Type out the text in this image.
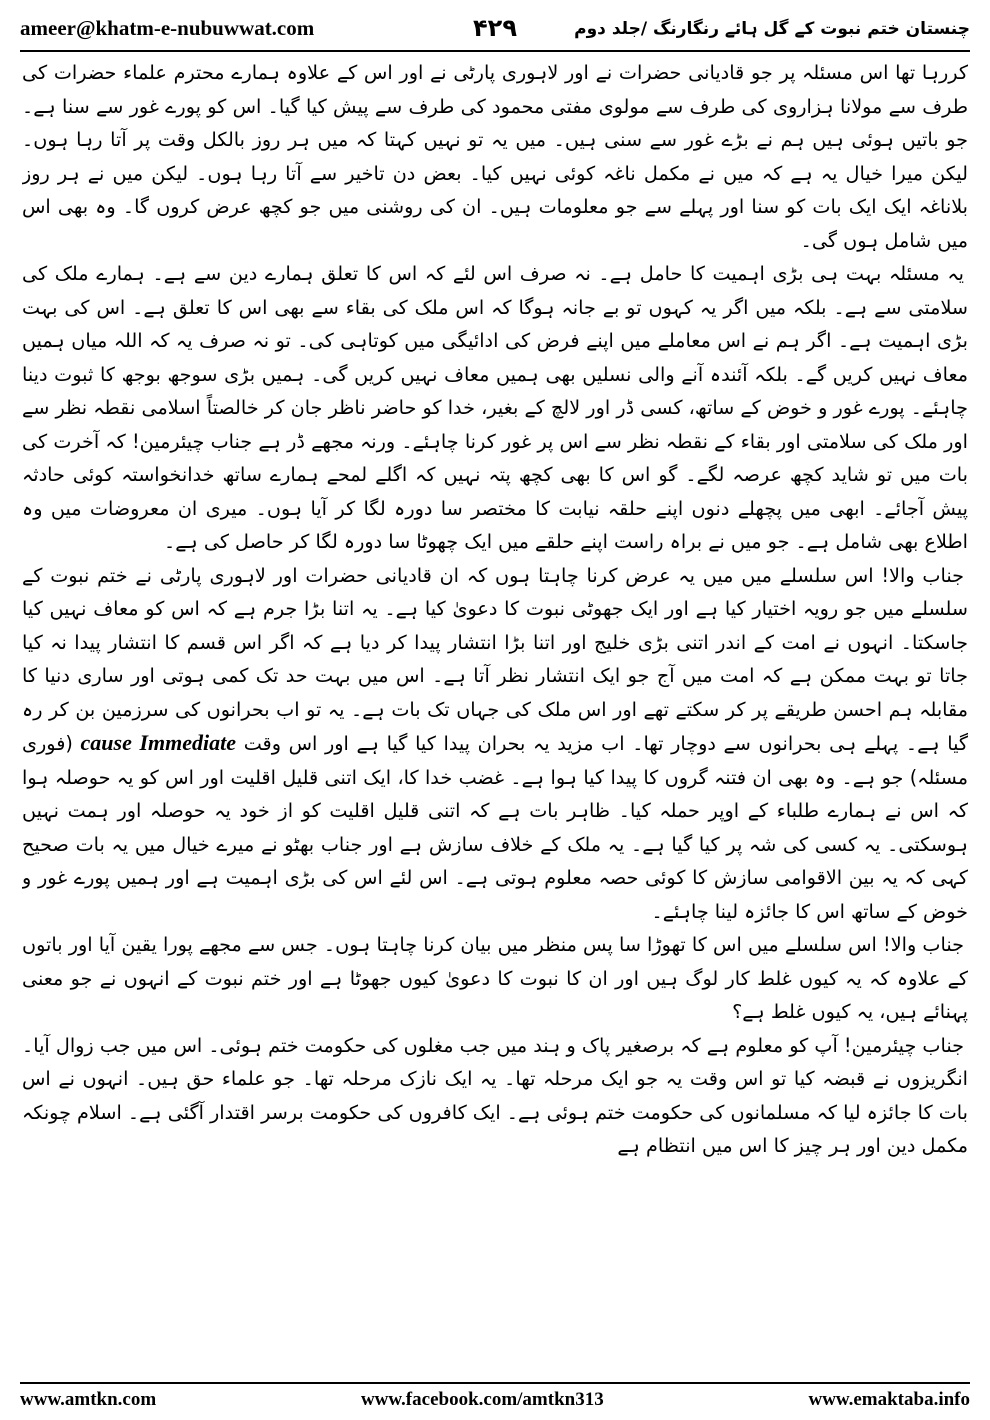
ameer@khatm-e-nubuwwat.com	۴۲۹	چنستان ختم نبوت کے گل ہائے رنگارنگ /جلد دوم

کررہا تھا اس مسئلہ پر جو قادیانی حضرات نے اور لاہوری پارٹی نے اور اس کے علاوہ ہمارے محترم علماء حضرات کی طرف سے مولانا ہزاروی کی طرف سے مولوی مفتی محمود کی طرف سے پیش کیا گیا۔ اس کو پورے غور سے سنا ہے۔ جو باتیں ہوئی ہیں ہم نے بڑے غور سے سنی ہیں۔ میں یہ تو نہیں کہتا کہ میں ہر روز بالکل وقت پر آتا رہا ہوں۔ لیکن میرا خیال یہ ہے کہ میں نے مکمل ناغہ کوئی نہیں کیا۔ بعض دن تاخیر سے آتا رہا ہوں۔ لیکن میں نے ہر روز بلاناغہ ایک ایک بات کو سنا اور پہلے سے جو معلومات ہیں۔ ان کی روشنی میں جو کچھ عرض کروں گا۔ وہ بھی اس میں شامل ہوں گی۔

یہ مسئلہ بہت ہی بڑی اہمیت کا حامل ہے۔ نہ صرف اس لئے کہ اس کا تعلق ہمارے دین سے ہے۔ ہمارے ملک کی سلامتی سے ہے۔ بلکہ میں اگر یہ کہوں تو بے جانہ ہوگا کہ اس ملک کی بقاء سے بھی اس کا تعلق ہے۔ اس کی بہت بڑی اہمیت ہے۔ اگر ہم نے اس معاملے میں اپنے فرض کی ادائیگی میں کوتاہی کی۔ تو نہ صرف یہ کہ اللہ میاں ہمیں معاف نہیں کریں گے۔ بلکہ آئندہ آنے والی نسلیں بھی ہمیں معاف نہیں کریں گی۔ ہمیں بڑی سوجھ بوجھ کا ثبوت دینا چاہئے۔ پورے غور و خوض کے ساتھ، کسی ڈر اور لالچ کے بغیر، خدا کو حاضر ناظر جان کر خالصتاً اسلامی نقطہ نظر سے اور ملک کی سلامتی اور بقاء کے نقطہ نظر سے اس پر غور کرنا چاہئے۔ ورنہ مجھے ڈر ہے جناب چیئرمین! کہ آخرت کی بات میں تو شاید کچھ عرصہ لگے۔ گو اس کا بھی کچھ پتہ نہیں کہ اگلے لمحے ہمارے ساتھ خدانخواستہ کوئی حادثہ پیش آجائے۔ ابھی میں پچھلے دنوں اپنے حلقہ نیابت کا مختصر سا دورہ لگا کر آیا ہوں۔ میری ان معروضات میں وہ اطلاع بھی شامل ہے۔ جو میں نے براہ راست اپنے حلقے میں ایک چھوٹا سا دورہ لگا کر حاصل کی ہے۔

جناب والا! اس سلسلے میں میں یہ عرض کرنا چاہتا ہوں کہ ان قادیانی حضرات اور لاہوری پارٹی نے ختم نبوت کے سلسلے میں جو رویہ اختیار کیا ہے اور ایک جھوٹی نبوت کا دعویٰ کیا ہے۔ یہ اتنا بڑا جرم ہے کہ اس کو معاف نہیں کیا جاسکتا۔ انہوں نے امت کے اندر اتنی بڑی خلیج اور اتنا بڑا انتشار پیدا کر دیا ہے کہ اگر اس قسم کا انتشار پیدا نہ کیا جاتا تو بہت ممکن ہے کہ امت میں آج جو ایک انتشار نظر آتا ہے۔ اس میں بہت حد تک کمی ہوتی اور ساری دنیا کا مقابلہ ہم احسن طریقے پر کر سکتے تھے اور اس ملک کی جہاں تک بات ہے۔ یہ تو اب بحرانوں کی سرزمین بن کر رہ گیا ہے۔ پہلے ہی بحرانوں سے دوچار تھا۔ اب مزید یہ بحران پیدا کیا گیا ہے اور اس وقت Immediate cause (فوری مسئلہ) جو ہے۔ وہ بھی ان فتنہ گروں کا پیدا کیا ہوا ہے۔ غضب خدا کا، ایک اتنی قلیل اقلیت اور اس کو یہ حوصلہ ہوا کہ اس نے ہمارے طلباء کے اوپر حملہ کیا۔ ظاہر بات ہے کہ اتنی قلیل اقلیت کو از خود یہ حوصلہ اور ہمت نہیں ہوسکتی۔ یہ کسی کی شہ پر کیا گیا ہے۔ یہ ملک کے خلاف سازش ہے اور جناب بھٹو نے میرے خیال میں یہ بات صحیح کہی کہ یہ بین الاقوامی سازش کا کوئی حصہ معلوم ہوتی ہے۔ اس لئے اس کی بڑی اہمیت ہے اور ہمیں پورے غور و خوض کے ساتھ اس کا جائزہ لینا چاہئے۔

جناب والا! اس سلسلے میں اس کا تھوڑا سا پس منظر میں بیان کرنا چاہتا ہوں۔ جس سے مجھے پورا یقین آیا اور باتوں کے علاوہ کہ یہ کیوں غلط کار لوگ ہیں اور ان کا نبوت کا دعویٰ کیوں جھوٹا ہے اور ختم نبوت کے انہوں نے جو معنی پہنائے ہیں، یہ کیوں غلط ہے؟

جناب چیئرمین! آپ کو معلوم ہے کہ برصغیر پاک و ہند میں جب مغلوں کی حکومت ختم ہوئی۔ اس میں جب زوال آیا۔ انگریزوں نے قبضہ کیا تو اس وقت یہ جو ایک مرحلہ تھا۔ یہ ایک نازک مرحلہ تھا۔ جو علماء حق ہیں۔ انہوں نے اس بات کا جائزہ لیا کہ مسلمانوں کی حکومت ختم ہوئی ہے۔ ایک کافروں کی حکومت برسر اقتدار آگئی ہے۔ اسلام چونکہ مکمل دین اور ہر چیز کا اس میں انتظام ہے

www.amtkn.com	www.facebook.com/amtkn313	www.emaktaba.info
